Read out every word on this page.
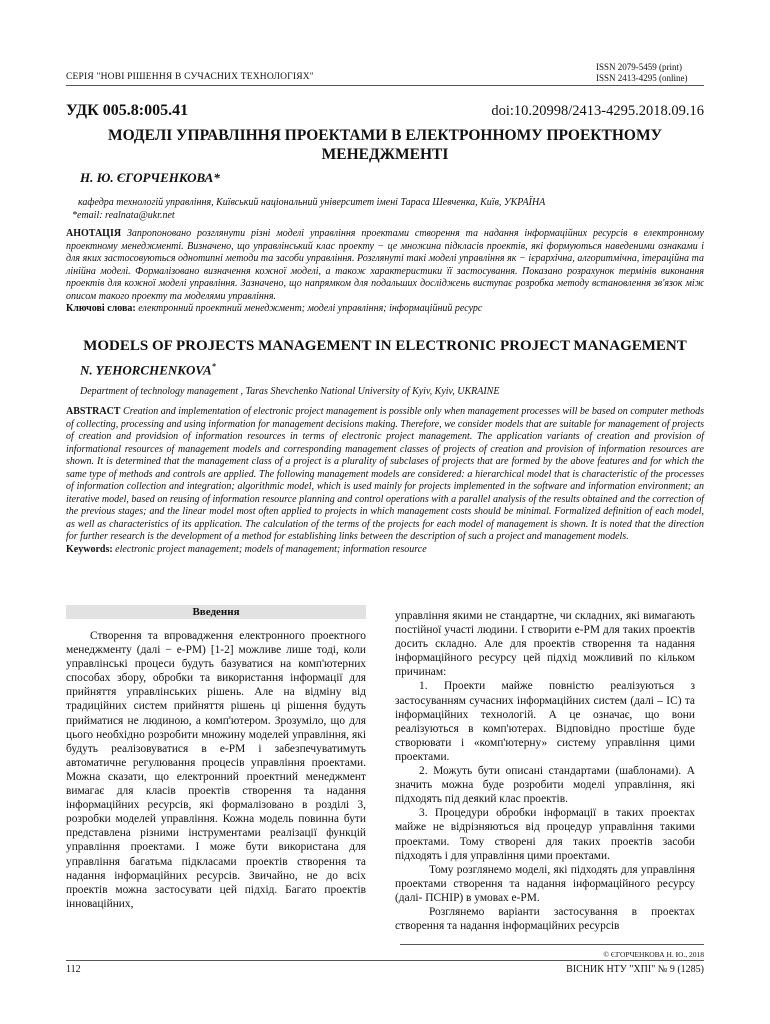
СЕРІЯ "НОВІ РІШЕННЯ В СУЧАСНИХ ТЕХНОЛОГІЯХ"
ISSN 2079-5459 (print)
ISSN 2413-4295 (online)
УДК 005.8:005.41	doi:10.20998/2413-4295.2018.09.16
МОДЕЛІ УПРАВЛІННЯ ПРОЕКТАМИ В ЕЛЕКТРОННОМУ ПРОЕКТНОМУ МЕНЕДЖМЕНТІ
Н. Ю. ЄГОРЧЕНКОВА*
кафедра технологій управління, Київський національний університет імені Тараса Шевченка, Київ, УКРАЇНА
*email: realnata@ukr.net
АНОТАЦІЯ Запропоновано розглянути різні моделі управління проектами створення та надання інформаційних ресурсів в електронному проектному менеджменті. Визначено, що управлінський клас проекту − це множина підкласів проектів, які формуються наведеними ознаками і для яких застосовуються однотипні методи та засоби управління. Розглянуті такі моделі управління як − ієрархічна, алгоритмічна, ітераційна та лінійна моделі. Формалізовано визначення кожної моделі, а також характеристики її застосування. Показано розрахунок термінів виконання проектів для кожної моделі управління. Зазначено, що напрямком для подальших досліджень виступає розробка методу встановлення зв'язок між описом такого проекту та моделями управління.
Ключові слова: електронний проектний менеджмент; моделі управління; інформаційний ресурс
MODELS OF PROJECTS MANAGEMENT IN ELECTRONIC PROJECT MANAGEMENT
N. YEHORCHENKOVA*
Department of technology management , Taras Shevchenko National University of Kyiv, Kyiv, UKRAINE
ABSTRACT Creation and implementation of electronic project management is possible only when management processes will be based on computer methods of collecting, processing and using information for management decisions making. Therefore, we consider models that are suitable for management of projects of creation and providsion of information resources in terms of electronic project management. The application variants of creation and provision of informational resources of management models and corresponding management classes of projects of creation and provision of information resources are shown. It is determined that the management class of a project is a plurality of subclases of projects that are formed by the above features and for which the same type of methods and controls are applied. The following management models are considered: a hierarchical model that is characteristic of the processes of information collection and integration; algorithmic model, which is used mainly for projects implemented in the software and information environment; an iterative model, based on reusing of information resource planning and control operations with a parallel analysis of the results obtained and the correction of the previous stages; and the linear model most often applied to projects in which management costs should be minimal. Formalized definition of each model, as well as characteristics of its application. The calculation of the terms of the projects for each model of management is shown. It is noted that the direction for further research is the development of a method for establishing links between the description of such a project and management models.
Keywords: electronic project management; models of management; information resource
Введення

Створення та впровадження електронного проектного менеджменту (далі − е-РМ) [1-2] можливе лише тоді, коли управлінські процеси будуть базуватися на комп'ютерних способах збору, обробки та використання інформації для прийняття управлінських рішень. Але на відміну від традиційних систем прийняття рішень ці рішення будуть прийматися не людиною, а комп'ютером. Зрозуміло, що для цього необхідно розробити множину моделей управління, які будуть реалізовуватися в е-РМ і забезпечуватимуть автоматичне регулювання процесів управління проектами. Можна сказати, що електронний проектний менеджмент вимагає для класів проектів створення та надання інформаційних ресурсів, які формалізовано в розділі 3, розробки моделей управління. Кожна модель повинна бути представлена різними інструментами реалізації функцій управління проектами. І може бути використана для управління багатьма підкласами проектів створення та надання інформаційних ресурсів. Звичайно, не до всіх проектів можна застосувати цей підхід. Багато проектів інноваційних,

управління якими не стандартне, чи складних, які вимагають постійної участі людини. І створити е-РМ для таких проектів досить складно. Але для проектів створення та надання інформаційного ресурсу цей підхід можливий по кільком причинам:

1. Проекти майже повністю реалізуються з застосуванням сучасних інформаційних систем (далі – ІС) та інформаційних технологій. А це означає, що вони реалізуються в комп'ютерах. Відповідно простіше буде створювати і «комп'ютерну» систему управління цими проектами.

2. Можуть бути описані стандартами (шаблонами). А значить можна буде розробити моделі управління, які підходять під деякий клас проектів.

3. Процедури обробки інформації в таких проектах майже не відрізняються від процедур управління такими проектами. Тому створені для таких проектів засоби підходять і для управління цими проектами.

Тому розглянемо моделі, які підходять для управління проектами створення та надання інформаційного ресурсу (далі- ПСНІР) в умовах е-РМ.

Розглянемо варіанти застосування в проектах створення та надання інформаційних ресурсів

© ЄГОРЧЕНКОВА Н. Ю., 2018
112	ВІСНИК НТУ "ХПІ" № 9 (1285)
